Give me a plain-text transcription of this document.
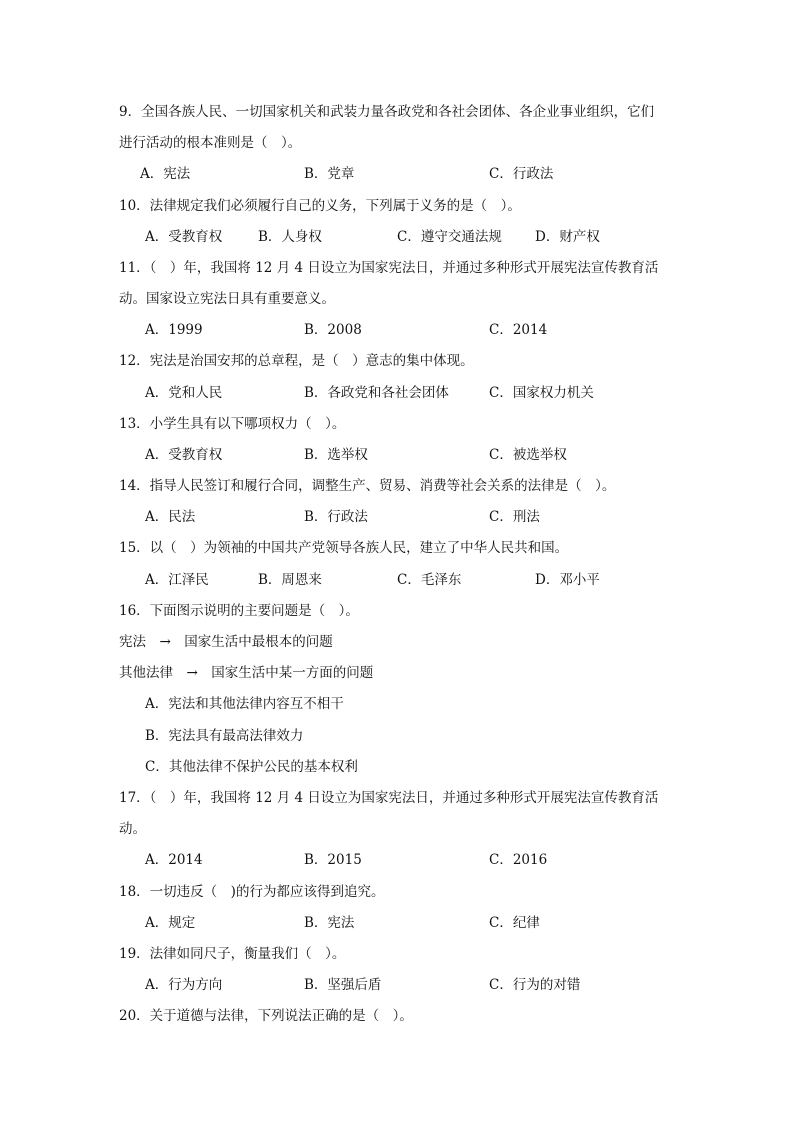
9．全国各族人民、一切国家机关和武装力量各政党和各社会团体、各企业事业组织，它们
进行活动的根本准则是（　）。
A．宪法	B．党章	C．行政法
10．法律规定我们必须履行自己的义务，下列属于义务的是（　）。
A．受教育权	B．人身权	C．遵守交通法规 D．财产权
11．（　）年，我国将 12 月 4 日设立为国家宪法日，并通过多种形式开展宪法宣传教育活
动。国家设立宪法日具有重要意义。
A．1999	B．2008	C．2014
12．宪法是治国安邦的总章程，是（　）意志的集中体现。
A．党和人民	B．各政党和各社会团体	C．国家权力机关
13．小学生具有以下哪项权力（　）。
A．受教育权	B．选举权	C．被选举权
14．指导人民签订和履行合同，调整生产、贸易、消费等社会关系的法律是（　）。
A．民法	B．行政法	C．刑法
15．以（　）为领袖的中国共产党领导各族人民，建立了中华人民共和国。
A．江泽民	B．周恩来	C．毛泽东	D．邓小平
16．下面图示说明的主要问题是（　）。
宪法　→　国家生活中最根本的问题
其他法律　→　国家生活中某一方面的问题
A．宪法和其他法律内容互不相干
B．宪法具有最高法律效力
C．其他法律不保护公民的基本权利
17．（　）年，我国将 12 月 4 日设立为国家宪法日，并通过多种形式开展宪法宣传教育活
动。
A．2014	B．2015	C．2016
18．一切违反（　)的行为都应该得到追究。
A．规定	B．宪法	C．纪律
19．法律如同尺子，衡量我们（　）。
A．行为方向	B．坚强后盾	C．行为的对错
20．关于道德与法律，下列说法正确的是（　）。
